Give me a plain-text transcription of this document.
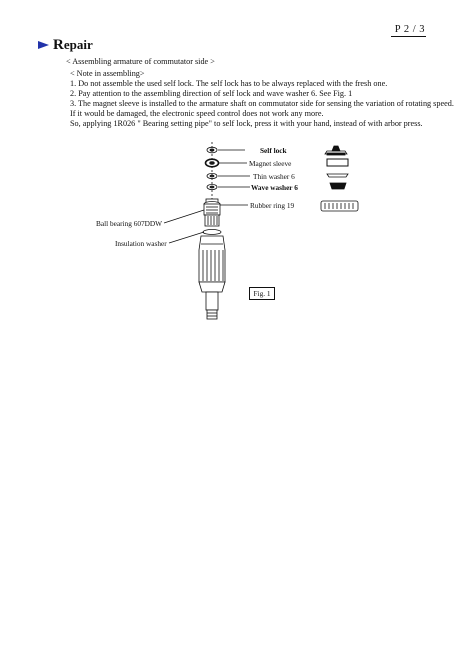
P 2 / 3
Repair
< Assembling armature of commutator side >
< Note in assembling>
1. Do not assemble the used self lock. The self lock has to be always replaced with the fresh one.
2. Pay attention to the assembling direction of self lock and wave washer 6. See Fig. 1
3. The magnet sleeve is installed to the armature shaft on commutator side for sensing the variation of rotating speed.
If it would be damaged, the electronic speed control does not work any more.
So, applying 1R026 " Bearing setting pipe" to self lock, press it with your hand, instead of with arbor press.
Self lock
Magnet sleeve
Thin washer 6
Wave washer 6
Rubber ring 19
Ball bearing 607DDW
Insulation washer
Fig. 1
